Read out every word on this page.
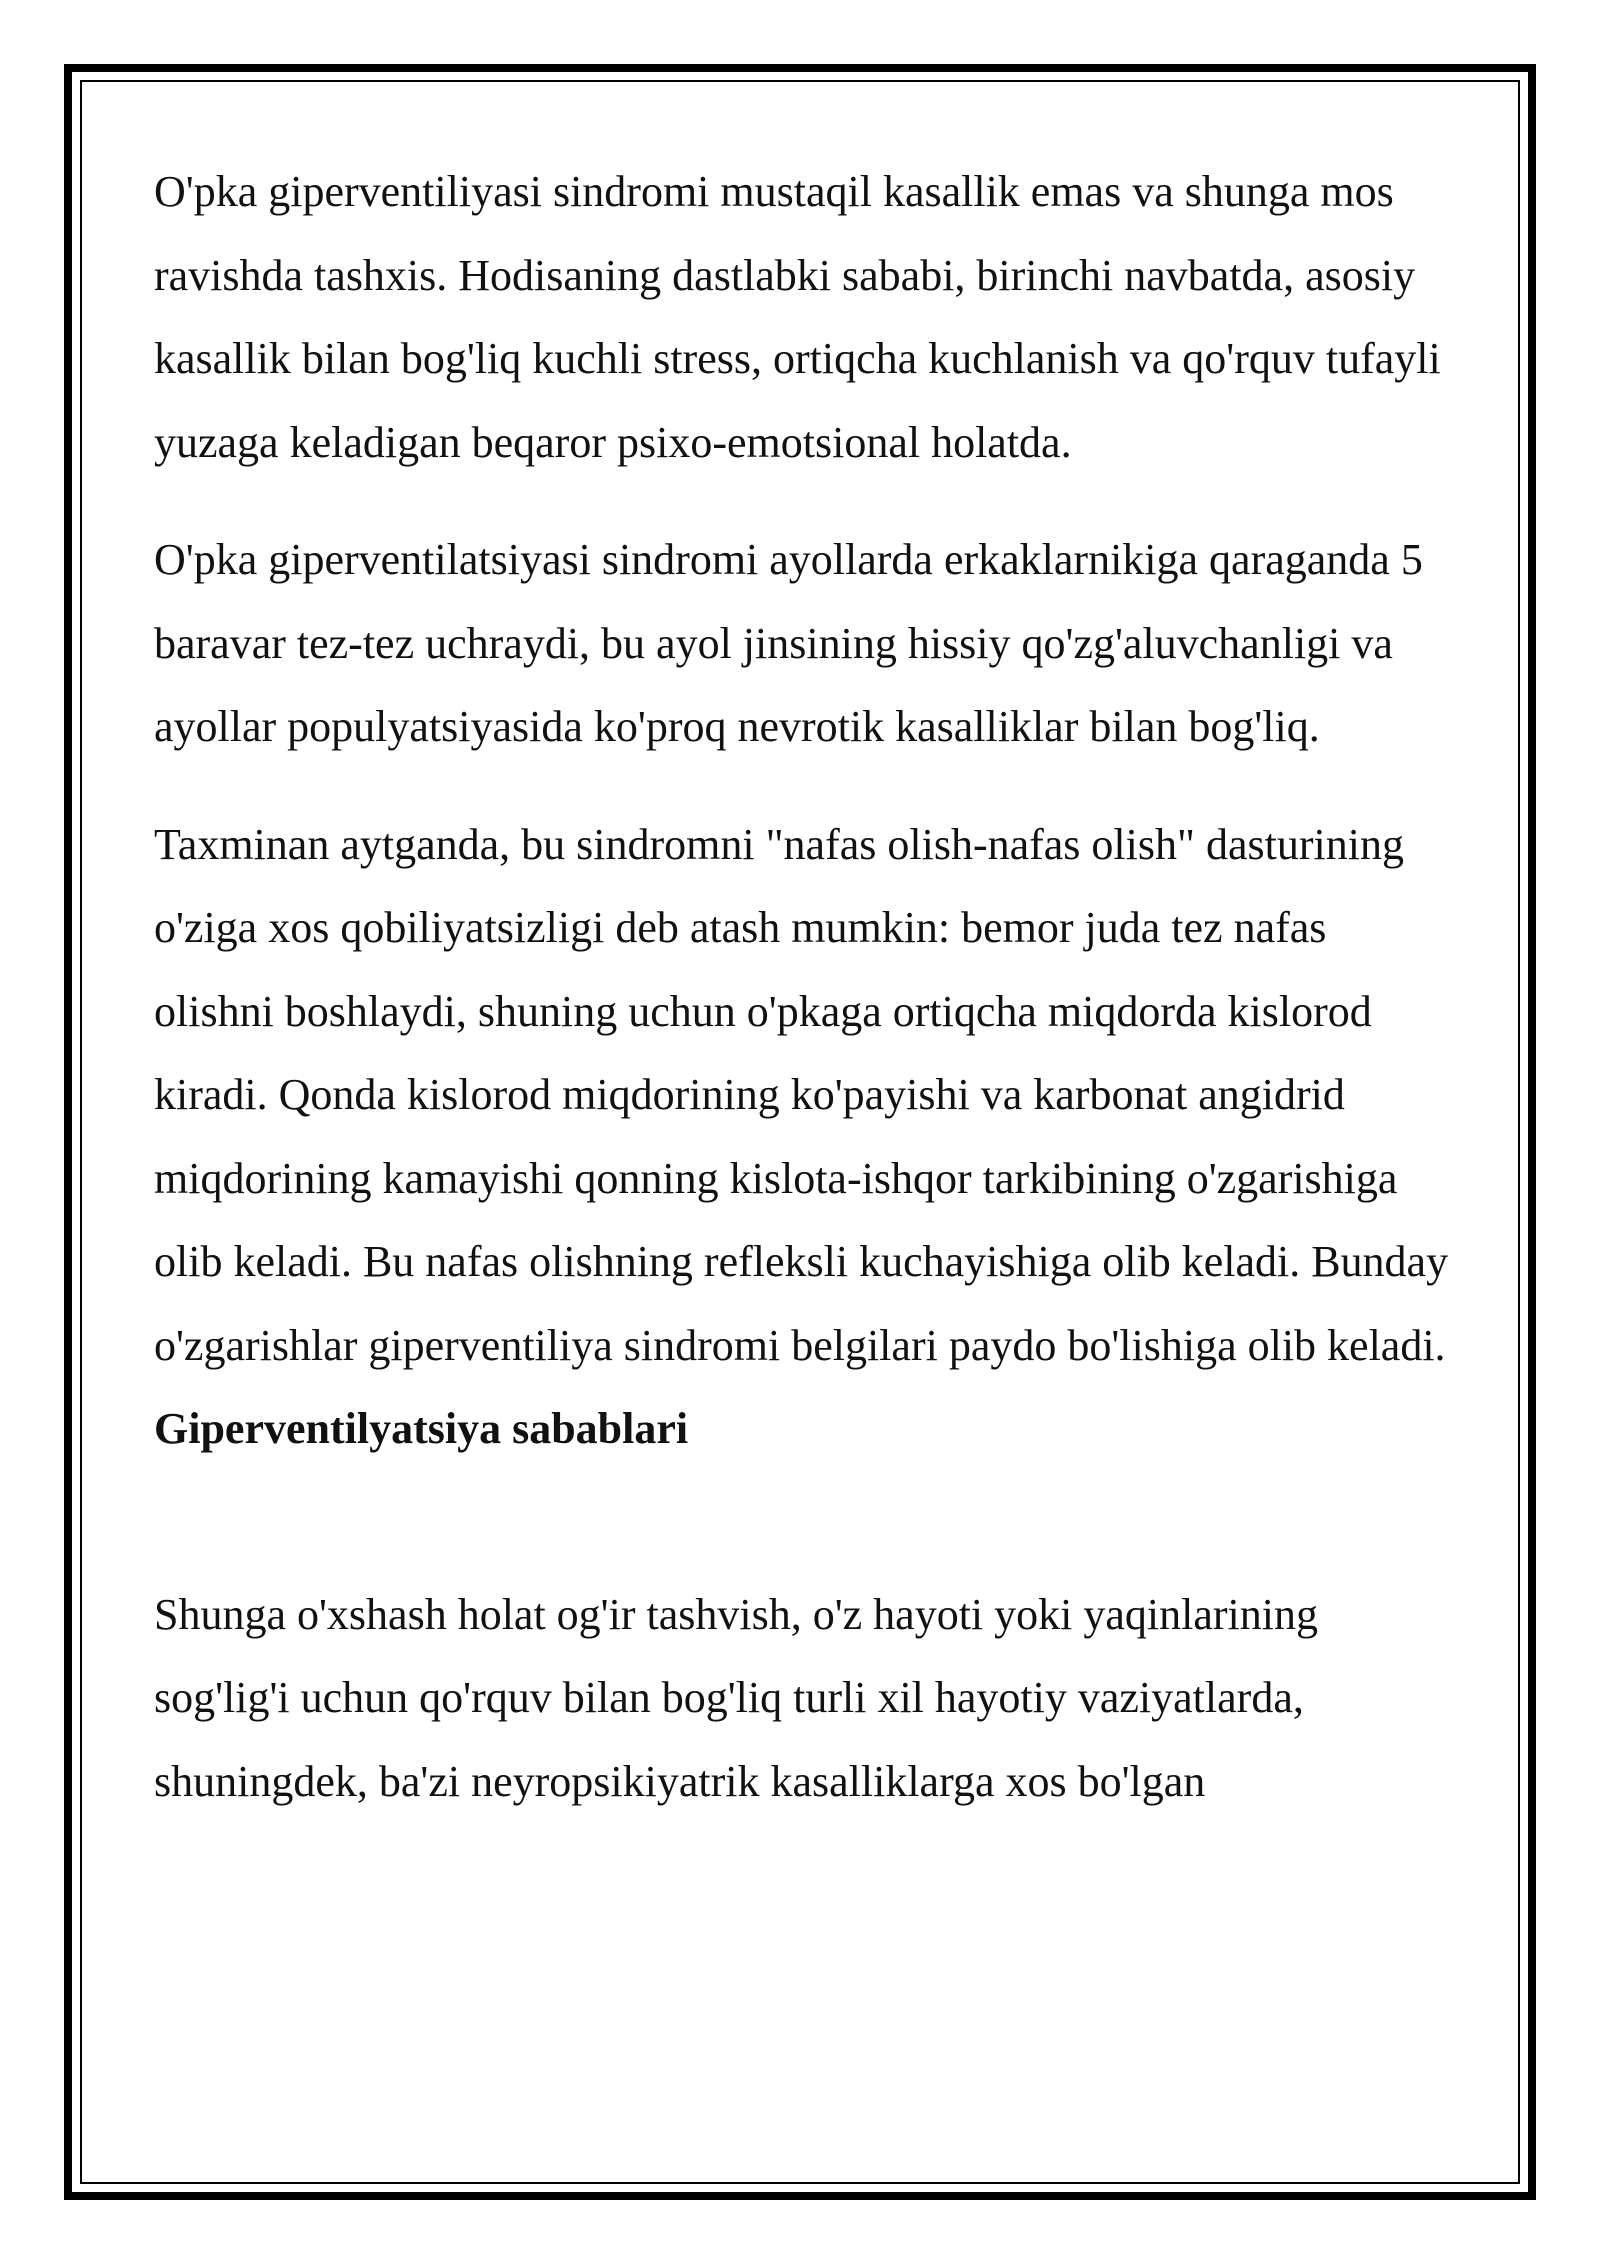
O'pka giperventiliyasi sindromi mustaqil kasallik emas va shunga mos ravishda tashxis. Hodisaning dastlabki sababi, birinchi navbatda, asosiy kasallik bilan bog'liq kuchli stress, ortiqcha kuchlanish va qo'rquv tufayli yuzaga keladigan beqaror psixo-emotsional holatda.

O'pka giperventilatsiyasi sindromi ayollarda erkaklarnikiga qaraganda 5 baravar tez-tez uchraydi, bu ayol jinsining hissiy qo'zg'aluvchanligi va ayollar populyatsiyasida ko'proq nevrotik kasalliklar bilan bog'liq.

Taxminan aytganda, bu sindromni "nafas olish-nafas olish" dasturining o'ziga xos qobiliyatsizligi deb atash mumkin: bemor juda tez nafas olishni boshlaydi, shuning uchun o'pkaga ortiqcha miqdorda kislorod kiradi. Qonda kislorod miqdorining ko'payishi va karbonat angidrid miqdorining kamayishi qonning kislota-ishqor tarkibining o'zgarishiga olib keladi. Bu nafas olishning refleksli kuchayishiga olib keladi. Bunday o'zgarishlar giperventiliya sindromi belgilari paydo bo'lishiga olib keladi.

Giperventilyatsiya sabablari

Shunga o'xshash holat og'ir tashvish, o'z hayoti yoki yaqinlarining sog'lig'i uchun qo'rquv bilan bog'liq turli xil hayotiy vaziyatlarda, shuningdek, ba'zi neyropsikiyatrik kasalliklarga xos bo'lgan
